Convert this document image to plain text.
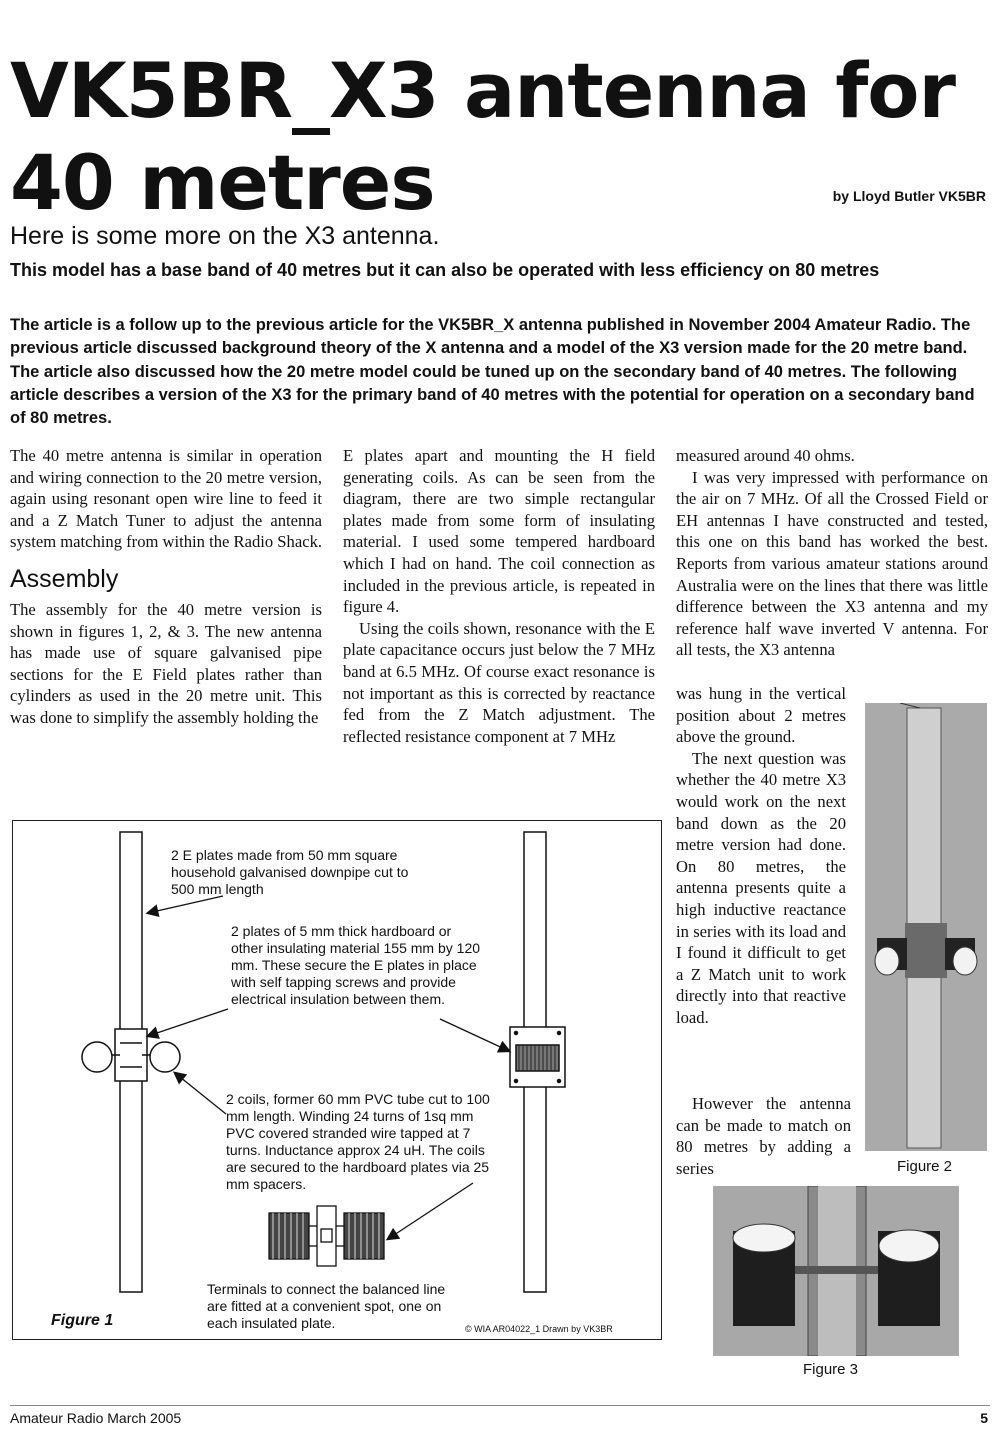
VK5BR_X3 antenna for
40 metres	by Lloyd Butler VK5BR
Here is some more on the X3 antenna.
This model has a base band of 40 metres but it can also be operated with less efficiency on 80 metres
The article is a follow up to the previous article for the VK5BR_X antenna published in November 2004 Amateur Radio. The previous article discussed background theory of the X antenna and a model of the X3 version made for the 20 metre band. The article also discussed how the 20 metre model could be tuned up on the secondary band of 40 metres. The following article describes a version of the X3 for the primary band of 40 metres with the potential for operation on a secondary band of 80 metres.

The 40 metre antenna is similar in operation and wiring connection to the 20 metre version, again using resonant open wire line to feed it and a Z Match Tuner to adjust the antenna system matching from within the Radio Shack.

Assembly

The assembly for the 40 metre version is shown in figures 1, 2, & 3. The new antenna has made use of square galvanised pipe sections for the E Field plates rather than cylinders as used in the 20 metre unit. This was done to simplify the assembly holding the

E plates apart and mounting the H field generating coils. As can be seen from the diagram, there are two simple rectangular plates made from some form of insulating material. I used some tempered hardboard which I had on hand. The coil connection as included in the previous article, is repeated in figure 4.

Using the coils shown, resonance with the E plate capacitance occurs just below the 7 MHz band at 6.5 MHz. Of course exact resonance is not important as this is corrected by reactance fed from the Z Match adjustment. The reflected resistance component at 7 MHz

measured around 40 ohms.

I was very impressed with performance on the air on 7 MHz. Of all the Crossed Field or EH antennas I have constructed and tested, this one on this band has worked the best. Reports from various amateur stations around Australia were on the lines that there was little difference between the X3 antenna and my reference half wave inverted V antenna. For all tests, the X3 antenna

was hung in the vertical position about 2 metres above the ground.

The next question was whether the 40 metre X3 would work on the next band down as the 20 metre version had done. On 80 metres, the antenna presents quite a high inductive reactance in series with its load and I found it difficult to get a Z Match unit to work directly into that reactive load.

However the antenna can be made to match on 80 metres by adding a series

2 E plates made from 50 mm square household galvanised downpipe cut to 500 mm length
2 plates of 5 mm thick hardboard or other insulating material 155 mm by 120 mm. These secure the E plates in place with self tapping screws and provide electrical insulation between them.
2 coils, former 60 mm PVC tube cut to 100 mm length. Winding 24 turns of 1sq mm PVC covered stranded wire tapped at 7 turns. Inductance approx 24 uH. The coils are secured to the hardboard plates via 25 mm spacers.
Terminals to connect the balanced line are fitted at a convenient spot, one on each insulated plate.
Figure 1	© WIA AR04022_1 Drawn by VK3BR
Figure 2
Figure 3
Amateur Radio March 2005	5
